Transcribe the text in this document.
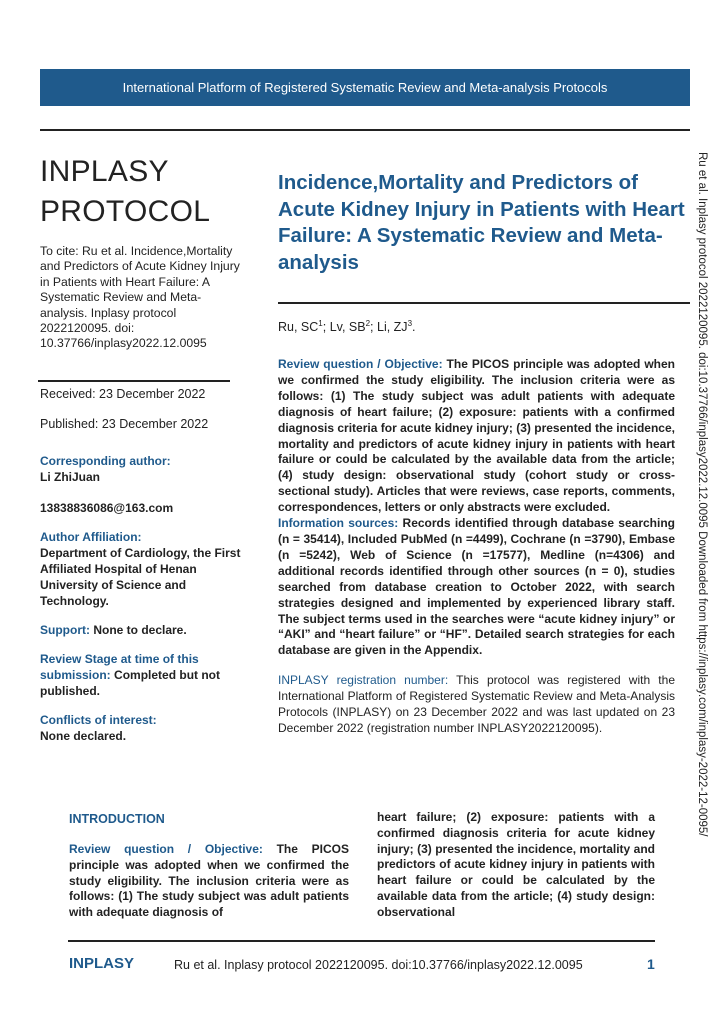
International Platform of Registered Systematic Review and Meta-analysis Protocols
Ru et al. Inplasy protocol 2022120095. doi:10.37766/inplasy2022.12.0095 Downloaded from https://inplasy.com/inplasy-2022-12-0095/
INPLASY
PROTOCOL
To cite: Ru et al. Incidence,Mortality and Predictors of Acute Kidney Injury in Patients with Heart Failure: A Systematic Review and Meta-analysis. Inplasy protocol 2022120095. doi: 10.37766/inplasy2022.12.0095
Received: 23 December 2022
Published: 23 December 2022
Corresponding author:
Li ZhiJuan
13838836086@163.com
Author Affiliation:
Department of Cardiology, the First Affiliated Hospital of Henan University of Science and Technology.
Support: None to declare.
Review Stage at time of this submission: Completed but not published.
Conflicts of interest:
None declared.
Incidence,Mortality and Predictors of Acute Kidney Injury in Patients with Heart Failure: A Systematic Review and Meta-analysis
Ru, $SC^1$; Lv, $SB^2$; Li, $ZJ^3$.
Review question / Objective: The PICOS principle was adopted when we confirmed the study eligibility. The inclusion criteria were as follows: (1) The study subject was adult patients with adequate diagnosis of heart failure; (2) exposure: patients with a confirmed diagnosis criteria for acute kidney injury; (3) presented the incidence, mortality and predictors of acute kidney injury in patients with heart failure or could be calculated by the available data from the article; (4) study design: observational study (cohort study or cross-sectional study). Articles that were reviews, case reports, comments, correspondences, letters or only abstracts were excluded.
Information sources: Records identified through database searching (n = 35414), Included PubMed (n =4499), Cochrane (n =3790), Embase (n =5242), Web of Science (n =17577), Medline (n=4306) and additional records identified through other sources (n = 0), studies searched from database creation to October 2022, with search strategies designed and implemented by experienced library staff. The subject terms used in the searches were “acute kidney injury” or “AKI” and “heart failure” or “HF”. Detailed search strategies for each database are given in the Appendix.
INPLASY registration number: This protocol was registered with the International Platform of Registered Systematic Review and Meta-Analysis Protocols (INPLASY) on 23 December 2022 and was last updated on 23 December 2022 (registration number INPLASY2022120095).
INTRODUCTION
Review question / Objective: The PICOS principle was adopted when we confirmed the study eligibility. The inclusion criteria were as follows: (1) The study subject was adult patients with adequate diagnosis of
heart failure; (2) exposure: patients with a confirmed diagnosis criteria for acute kidney injury; (3) presented the incidence, mortality and predictors of acute kidney injury in patients with heart failure or could be calculated by the available data from the article; (4) study design: observational
INPLASY	Ru et al. Inplasy protocol 2022120095. doi:10.37766/inplasy2022.12.0095	1
